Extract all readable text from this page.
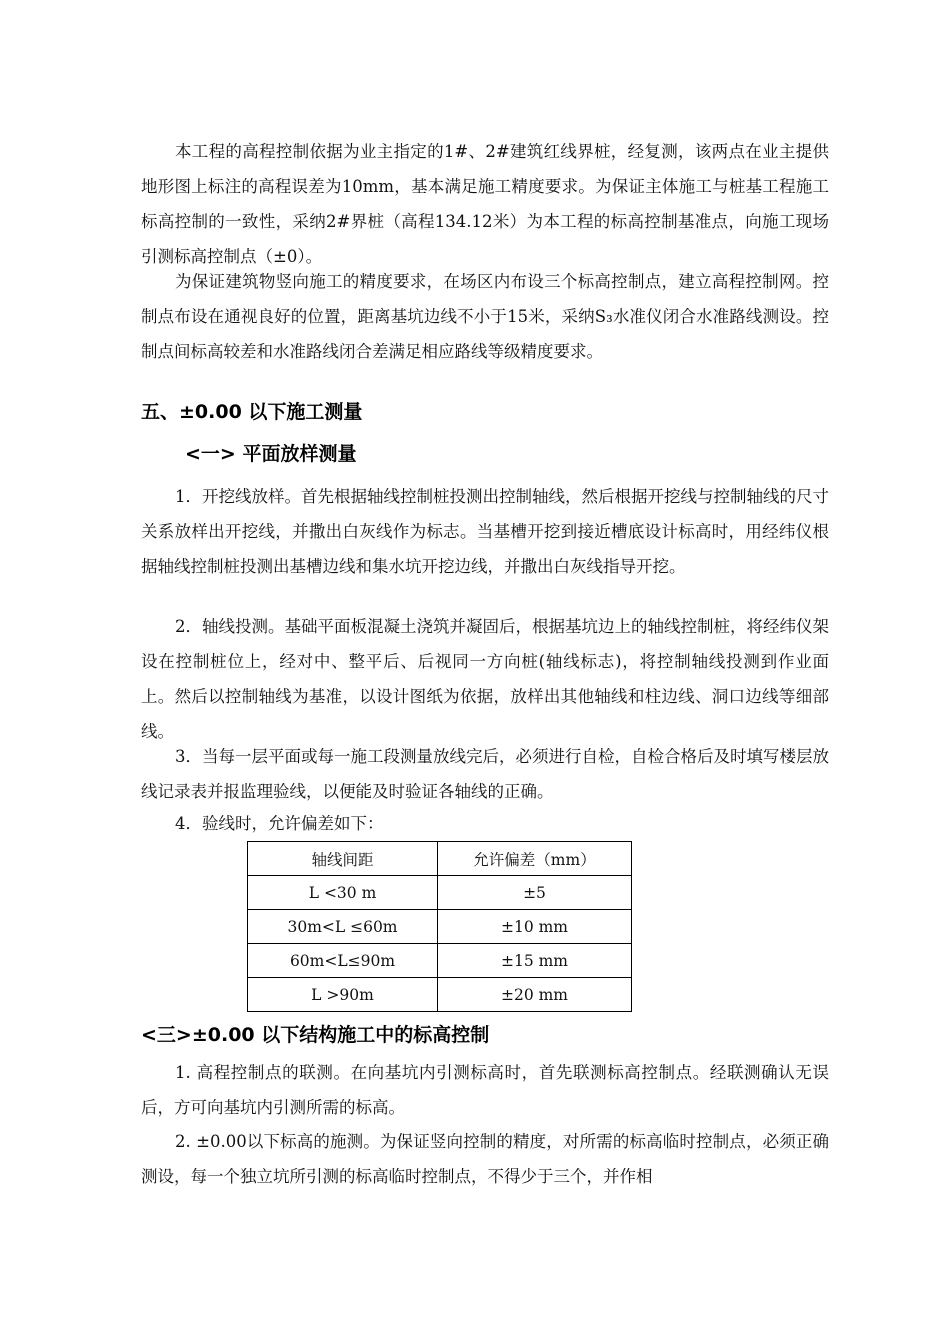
本工程的高程控制依据为业主指定的1#、2#建筑红线界桩，经复测，该两点在业主提供地形图上标注的高程误差为10mm，基本满足施工精度要求。为保证主体施工与桩基工程施工标高控制的一致性，采纳2#界桩（高程134.12米）为本工程的标高控制基准点，向施工现场引测标高控制点（±0）。

为保证建筑物竖向施工的精度要求，在场区内布设三个标高控制点，建立高程控制网。控制点布设在通视良好的位置，距离基坑边线不小于15米，采纳S₃水准仪闭合水准路线测设。控制点间标高较差和水准路线闭合差满足相应路线等级精度要求。

五、±0.00 以下施工测量
<一> 平面放样测量

1．开挖线放样。首先根据轴线控制桩投测出控制轴线，然后根据开挖线与控制轴线的尺寸关系放样出开挖线，并撒出白灰线作为标志。当基槽开挖到接近槽底设计标高时，用经纬仪根据轴线控制桩投测出基槽边线和集水坑开挖边线，并撒出白灰线指导开挖。

2．轴线投测。基础平面板混凝土浇筑并凝固后，根据基坑边上的轴线控制桩，将经纬仪架设在控制桩位上，经对中、整平后、后视同一方向桩(轴线标志)，将控制轴线投测到作业面上。然后以控制轴线为基准，以设计图纸为依据，放样出其他轴线和柱边线、洞口边线等细部线。

3．当每一层平面或每一施工段测量放线完后，必须进行自检，自检合格后及时填写楼层放线记录表并报监理验线，以便能及时验证各轴线的正确。

4．验线时，允许偏差如下：

轴线间距	允许偏差（mm）
L <30 m	±5
30m<L ≤60m	±10 mm
60m<L≤90m	±15 mm
L >90m	±20 mm
<三>±0.00 以下结构施工中的标高控制

1. 高程控制点的联测。在向基坑内引测标高时，首先联测标高控制点。经联测确认无误后，方可向基坑内引测所需的标高。

2. ±0.00以下标高的施测。为保证竖向控制的精度，对所需的标高临时控制点，必须正确测设，每一个独立坑所引测的标高临时控制点，不得少于三个，并作相
